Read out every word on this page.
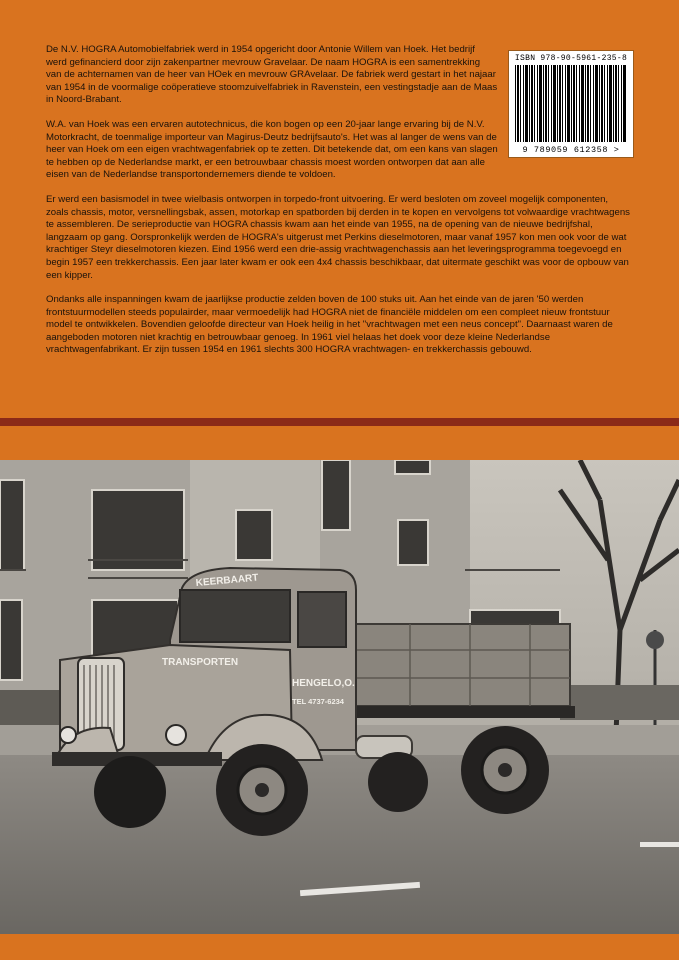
De N.V. HOGRA Automobielfabriek werd in 1954 opgericht door Antonie Willem van Hoek. Het bedrijf werd gefinancierd door zijn zakenpartner mevrouw Gravelaar. De naam HOGRA is een samentrekking van de achternamen van de heer van HOek en mevrouw GRAvelaar. De fabriek werd gestart in het najaar van 1954 in de voormalige coöperatieve stoomzuivelfabriek in Ravenstein, een vestingstadje aan de Maas in Noord-Brabant.

W.A. van Hoek was een ervaren autotechnicus, die kon bogen op een 20-jaar lange ervaring bij de N.V. Motorkracht, de toenmalige importeur van Magirus-Deutz bedrijfsauto's. Het was al langer de wens van de heer van Hoek om een eigen vrachtwagenfabriek op te zetten. Dit betekende dat, om een kans van slagen te hebben op de Nederlandse markt, er een betrouwbaar chassis moest worden ontworpen dat aan alle eisen van de Nederlandse transportondernemers diende te voldoen.

Er werd een basismodel in twee wielbasis ontworpen in torpedo-front uitvoering. Er werd besloten om zoveel mogelijk componenten, zoals chassis, motor, versnellingsbak, assen, motorkap en spatborden bij derden in te kopen en vervolgens tot volwaardige vrachtwagens te assembleren. De serieproductie van HOGRA chassis kwam aan het einde van 1955, na de opening van de nieuwe bedrijfshal, langzaam op gang. Oorspronkelijk werden de HOGRA's uitgerust met Perkins dieselmotoren, maar vanaf 1957 kon men ook voor de wat krachtiger Steyr dieselmotoren kiezen. Eind 1956 werd een drie-assig vrachtwagenchassis aan het leveringsprogramma toegevoegd en begin 1957 een trekkerchassis. Een jaar later kwam er ook een 4x4 chassis beschikbaar, dat uitermate geschikt was voor de opbouw van een kipper.

Ondanks alle inspanningen kwam de jaarlijkse productie zelden boven de 100 stuks uit. Aan het einde van de jaren '50 werden frontstuurmodellen steeds populairder, maar vermoedelijk had HOGRA niet de financiële middelen om een compleet nieuw frontstuur model te ontwikkelen. Bovendien geloofde directeur van Hoek heilig in het "vrachtwagen met een neus concept". Daarnaast waren de aangeboden motoren niet krachtig en betrouwbaar genoeg. In 1961 viel helaas het doek voor deze kleine Nederlandse vrachtwagenfabrikant. Er zijn tussen 1954 en 1961 slechts 300 HOGRA vrachtwagen- en trekkerchassis gebouwd.

ISBN 978-90-5961-235-8
9 789059 612358 >
KEERBAART
TRANSPORTEN
HENGELO,O.
TEL 4737-6234
